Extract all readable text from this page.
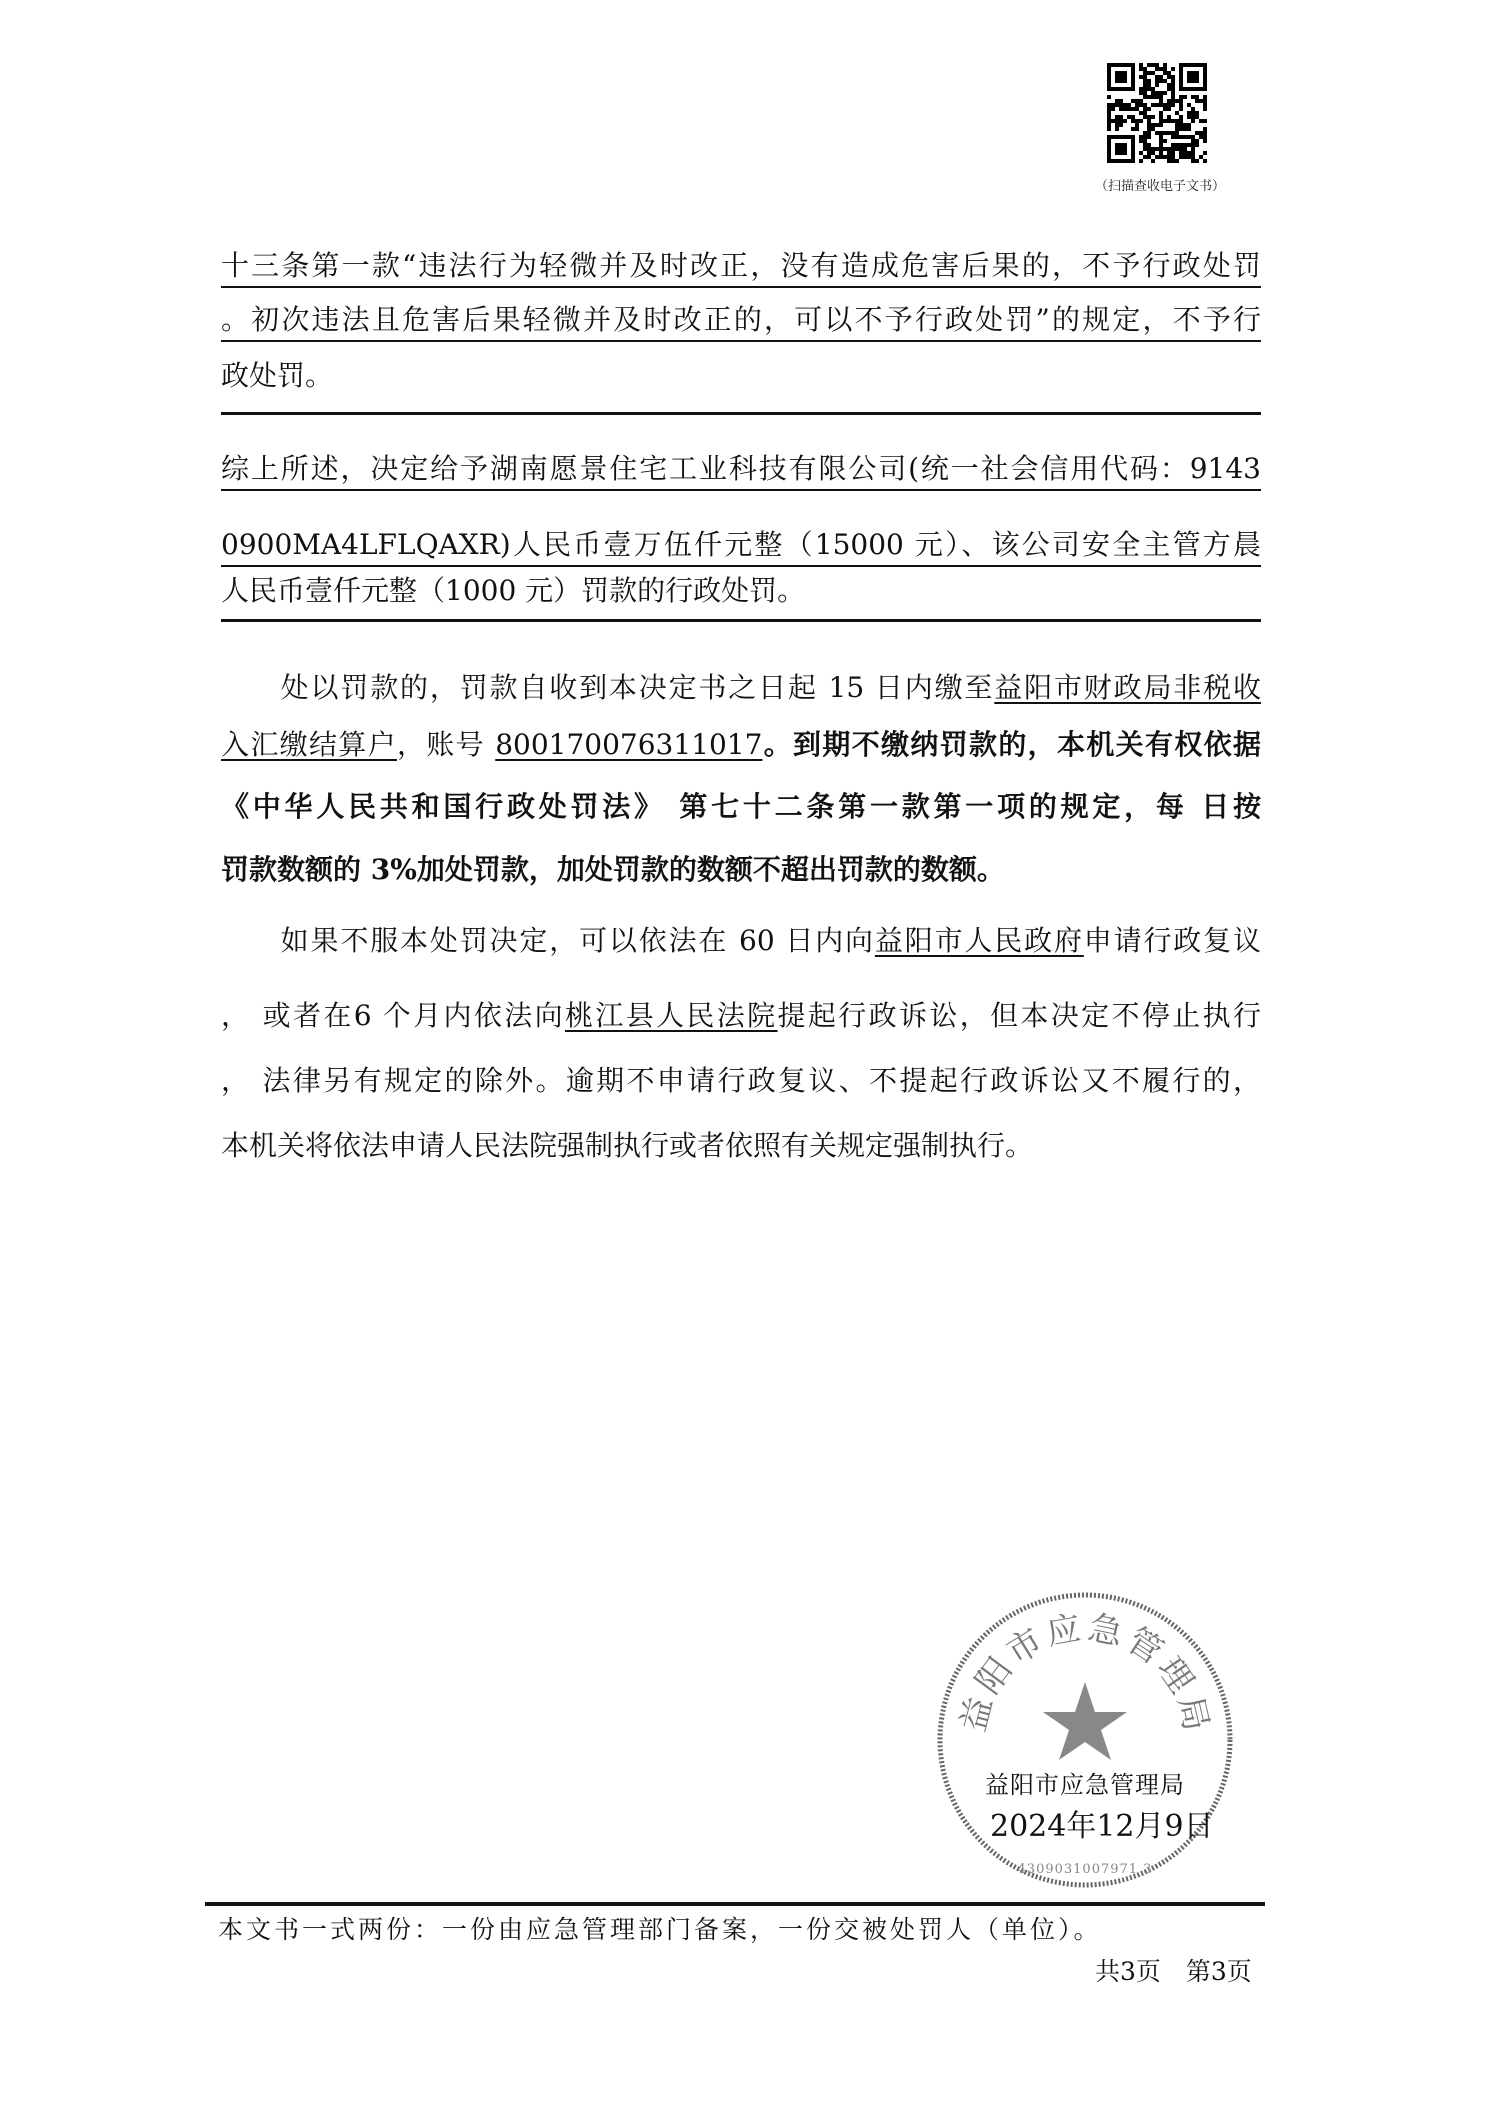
（扫描查收电子文书）
十三条第一款“违法行为轻微并及时改正，没有造成危害后果的，不予行政处罚
。初次违法且危害后果轻微并及时改正的，可以不予行政处罚”的规定，不予行
政处罚。
综上所述，决定给予湖南愿景住宅工业科技有限公司(统一社会信用代码：9143
0900MA4LFLQAXR)人民币壹万伍仟元整（15000 元）、该公司安全主管方晨
人民币壹仟元整（1000 元）罚款的行政处罚。
　　处以罚款的，罚款自收到本决定书之日起 15 日内缴至益阳市财政局非税收
入汇缴结算户，账号 800170076311017。到期不缴纳罚款的，本机关有权依据
《中华人民共和国行政处罚法》 第七十二条第一款第一项的规定，每 日按
罚款数额的 3%加处罚款，加处罚款的数额不超出罚款的数额。
　　如果不服本处罚决定，可以依法在 60 日内向益阳市人民政府申请行政复议
， 或者在6 个月内依法向桃江县人民法院提起行政诉讼，但本决定不停止执行
， 法律另有规定的除外。逾期不申请行政复议、不提起行政诉讼又不履行的，
本机关将依法申请人民法院强制执行或者依照有关规定强制执行。
益阳市应急管理局
4309031007971 3
益阳市应急管理局
2024年12月9日
本文书一式两份：一份由应急管理部门备案，一份交被处罚人（单位）。
共3页　第3页
